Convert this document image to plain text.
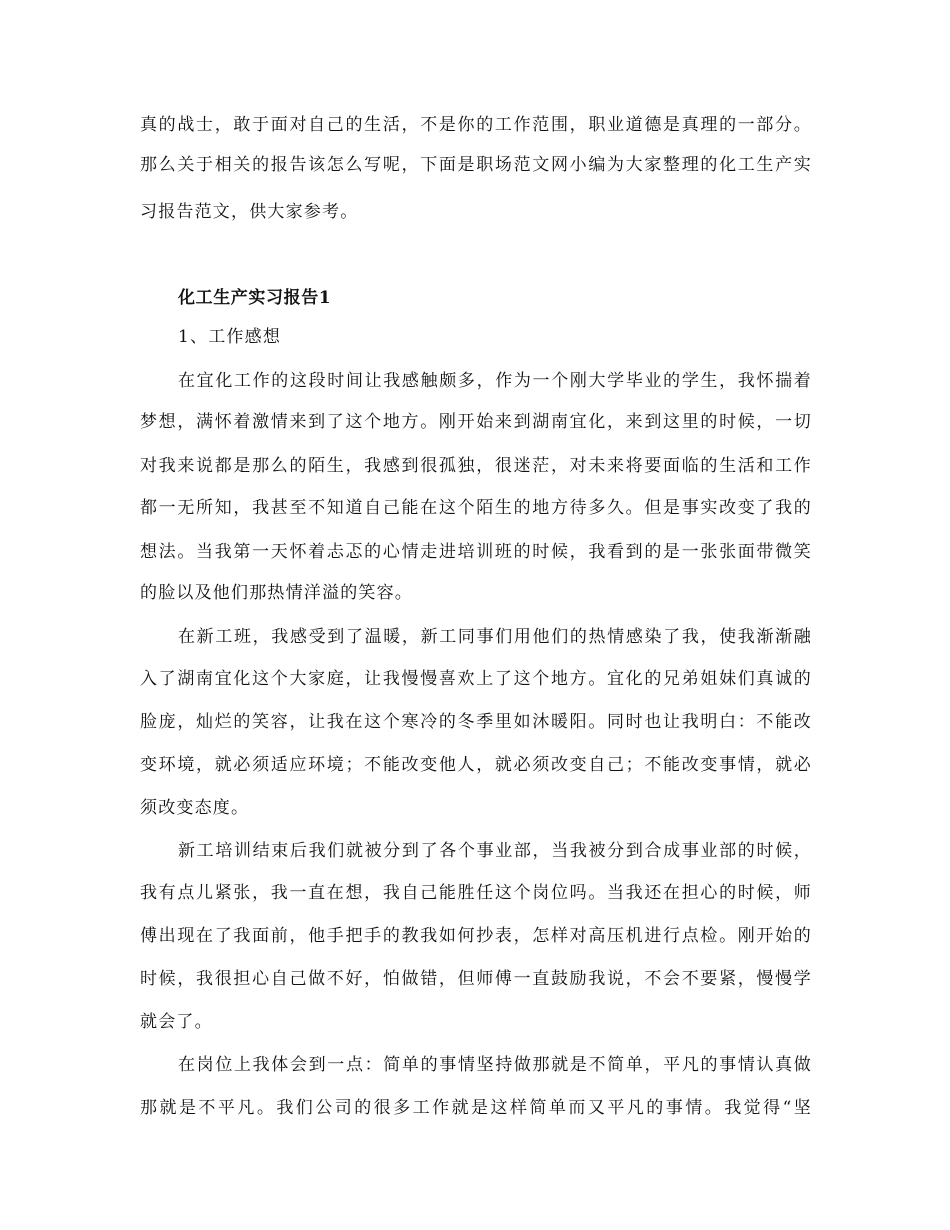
真的战士，敢于面对自己的生活，不是你的工作范围，职业道德是真理的一部分。
那么关于相关的报告该怎么写呢，下面是职场范文网小编为大家整理的化工生产实
习报告范文，供大家参考。
化工生产实习报告1
1、工作感想
在宜化工作的这段时间让我感触颇多，作为一个刚大学毕业的学生，我怀揣着
梦想，满怀着激情来到了这个地方。刚开始来到湖南宜化，来到这里的时候，一切
对我来说都是那么的陌生，我感到很孤独，很迷茫，对未来将要面临的生活和工作
都一无所知，我甚至不知道自己能在这个陌生的地方待多久。但是事实改变了我的
想法。当我第一天怀着忐忑的心情走进培训班的时候，我看到的是一张张面带微笑
的脸以及他们那热情洋溢的笑容。
在新工班，我感受到了温暖，新工同事们用他们的热情感染了我，使我渐渐融
入了湖南宜化这个大家庭，让我慢慢喜欢上了这个地方。宜化的兄弟姐妹们真诚的
脸庞，灿烂的笑容，让我在这个寒冷的冬季里如沐暖阳。同时也让我明白：不能改
变环境，就必须适应环境；不能改变他人，就必须改变自己；不能改变事情，就必
须改变态度。
新工培训结束后我们就被分到了各个事业部，当我被分到合成事业部的时候，
我有点儿紧张，我一直在想，我自己能胜任这个岗位吗。当我还在担心的时候，师
傅出现在了我面前，他手把手的教我如何抄表，怎样对高压机进行点检。刚开始的
时候，我很担心自己做不好，怕做错，但师傅一直鼓励我说，不会不要紧，慢慢学
就会了。
在岗位上我体会到一点：简单的事情坚持做那就是不简单，平凡的事情认真做
那就是不平凡。我们公司的很多工作就是这样简单而又平凡的事情。我觉得“坚
